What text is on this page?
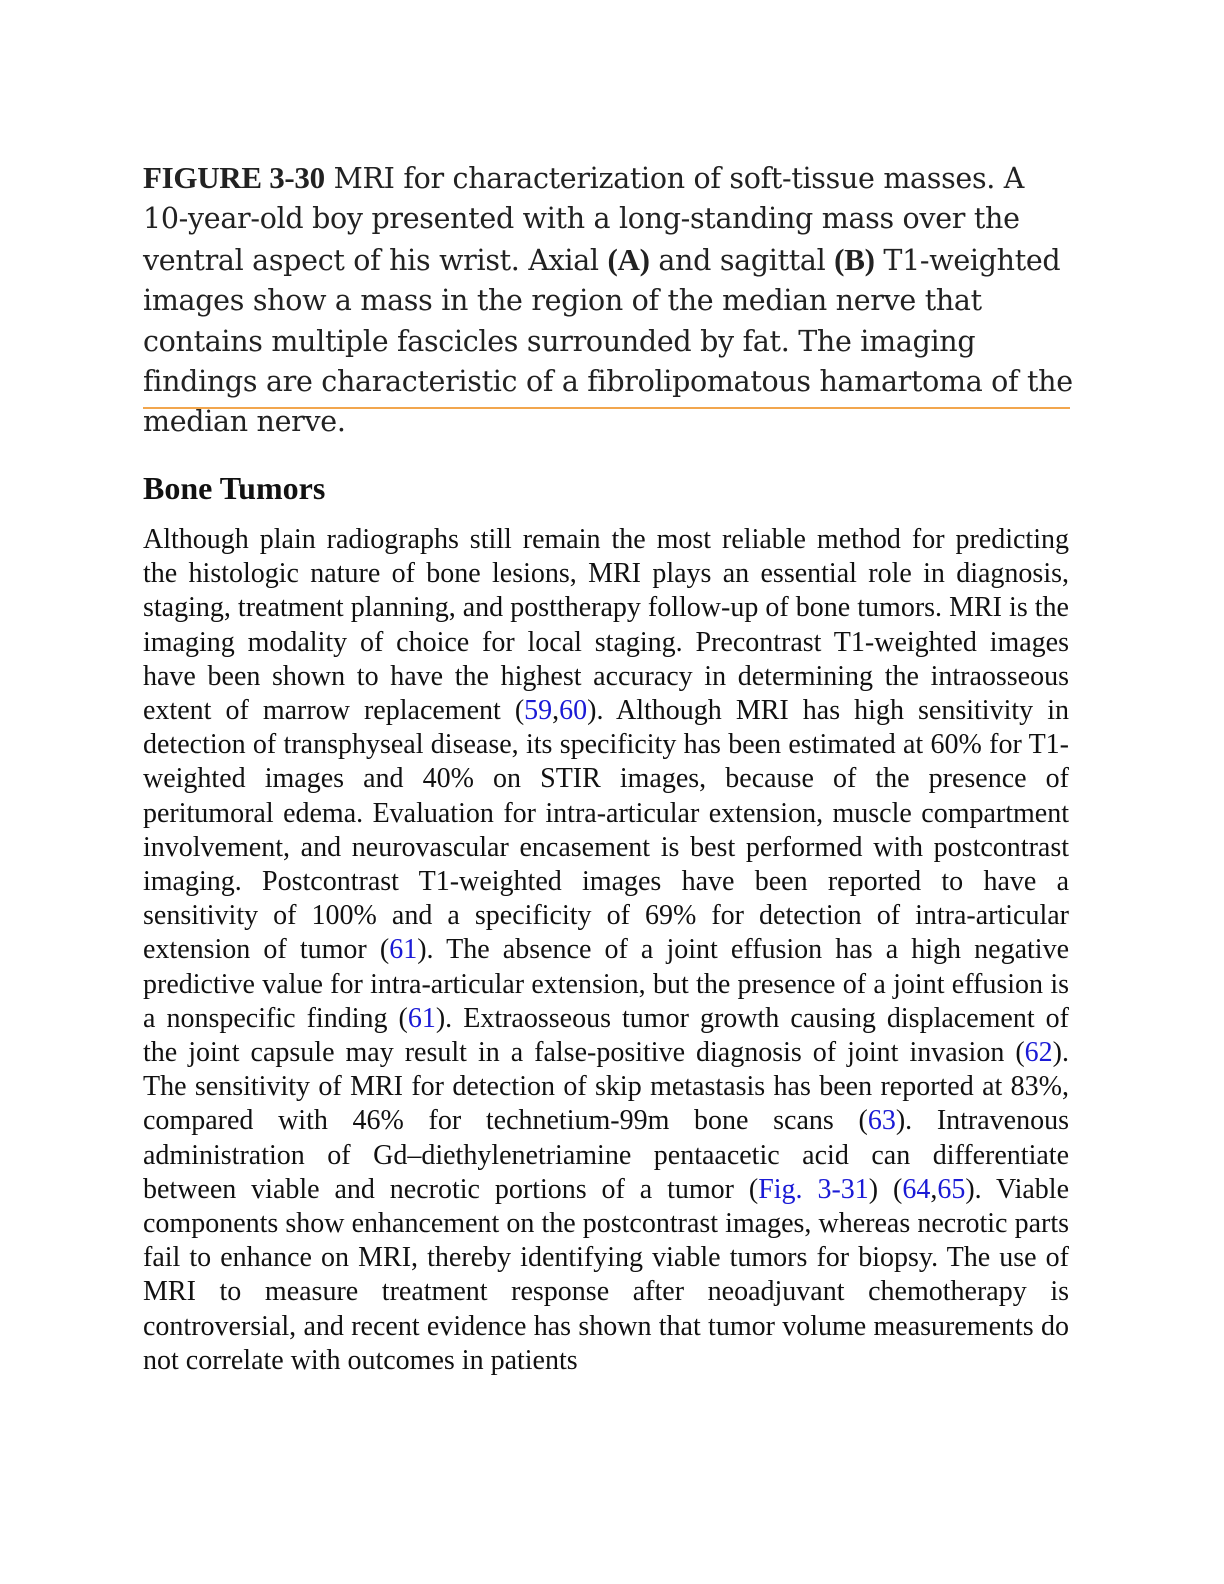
FIGURE 3-30 MRI for characterization of soft-tissue masses. A 10-year-old boy presented with a long-standing mass over the ventral aspect of his wrist. Axial (A) and sagittal (B) T1-weighted images show a mass in the region of the median nerve that contains multiple fascicles surrounded by fat. The imaging findings are characteristic of a fibrolipomatous hamartoma of the median nerve.
Bone Tumors

Although plain radiographs still remain the most reliable method for predicting the histologic nature of bone lesions, MRI plays an essential role in diagnosis, staging, treatment planning, and posttherapy follow-up of bone tumors. MRI is the imaging modality of choice for local staging. Precontrast T1-weighted images have been shown to have the highest accuracy in determining the intraosseous extent of marrow replacement (59,60). Although MRI has high sensitivity in detection of transphyseal disease, its specificity has been estimated at 60% for T1-weighted images and 40% on STIR images, because of the presence of peritumoral edema. Evaluation for intra-articular extension, muscle compartment involvement, and neurovascular encasement is best performed with postcontrast imaging. Postcontrast T1-weighted images have been reported to have a sensitivity of 100% and a specificity of 69% for detection of intra-articular extension of tumor (61). The absence of a joint effusion has a high negative predictive value for intra-articular extension, but the presence of a joint effusion is a nonspecific finding (61). Extraosseous tumor growth causing displacement of the joint capsule may result in a false-positive diagnosis of joint invasion (62). The sensitivity of MRI for detection of skip metastasis has been reported at 83%, compared with 46% for technetium-99m bone scans (63). Intravenous administration of Gd–diethylenetriamine pentaacetic acid can differentiate between viable and necrotic portions of a tumor (Fig. 3-31) (64,65). Viable components show enhancement on the postcontrast images, whereas necrotic parts fail to enhance on MRI, thereby identifying viable tumors for biopsy. The use of MRI to measure treatment response after neoadjuvant chemotherapy is controversial, and recent evidence has shown that tumor volume measurements do not correlate with outcomes in patients
